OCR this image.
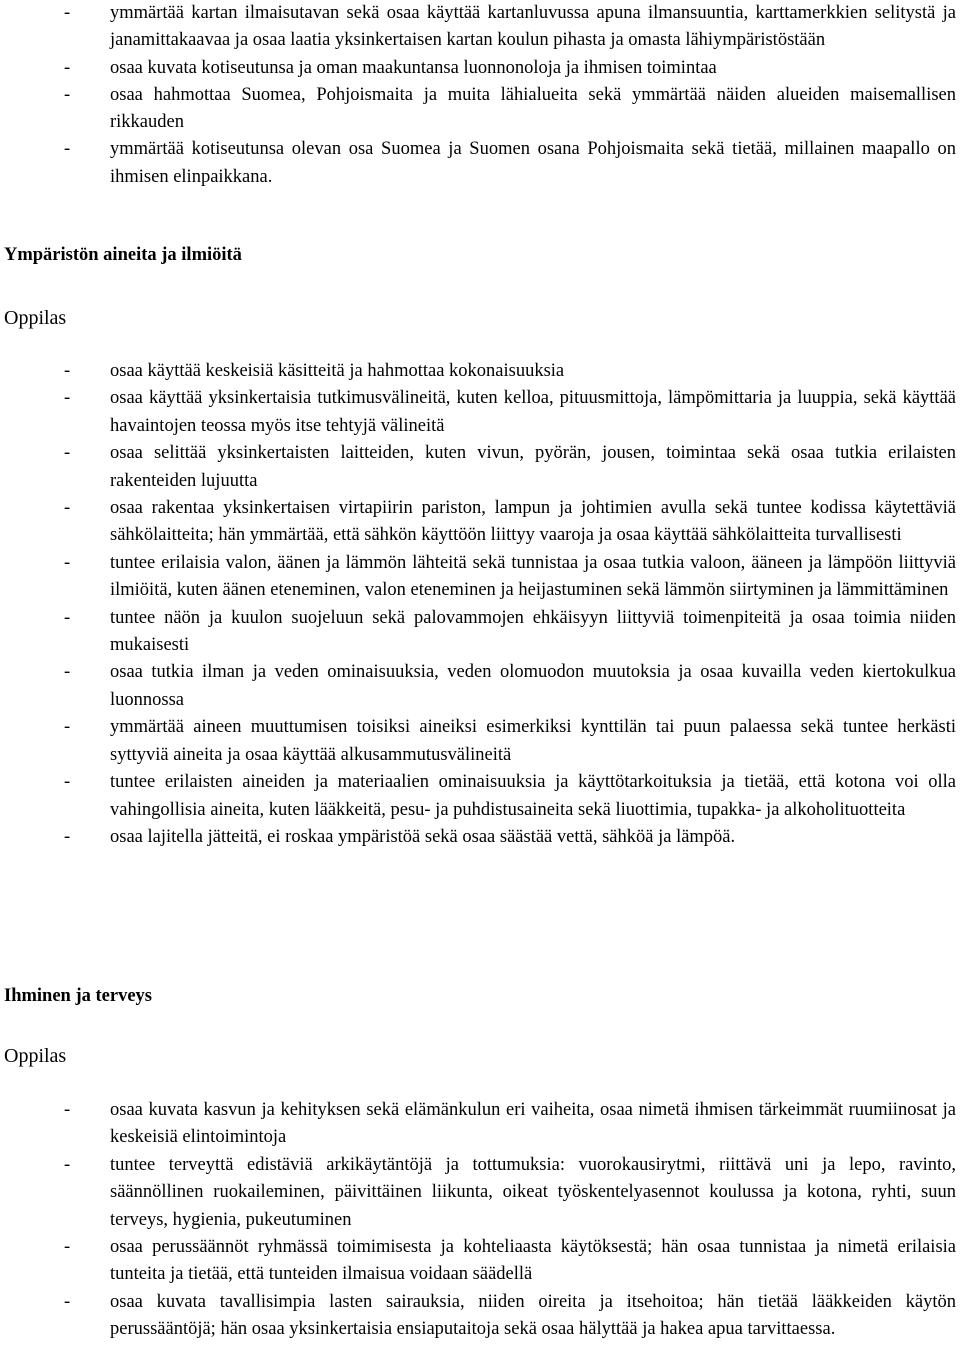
- ymmärtää kartan ilmaisutavan sekä osaa käyttää kartanluvussa apuna ilmansuuntia, karttamerkkien selitystä ja janamittakaavaa ja osaa laatia yksinkertaisen kartan koulun pihasta ja omasta lähiympäristöstään
- osaa kuvata kotiseutunsa ja oman maakuntansa luonnonoloja ja ihmisen toimintaa
- osaa hahmottaa Suomea, Pohjoismaita ja muita lähialueita sekä ymmärtää näiden alueiden maisemallisen rikkauden
- ymmärtää kotiseutunsa olevan osa Suomea ja Suomen osana Pohjoismaita sekä tietää, millainen maapallo on ihmisen elinpaikkana.
Ympäristön aineita ja ilmiöitä
Oppilas
- osaa käyttää keskeisiä käsitteitä ja hahmottaa kokonaisuuksia
- osaa käyttää yksinkertaisia tutkimusvälineitä, kuten kelloa, pituusmittoja, lämpömittaria ja luuppia, sekä käyttää havaintojen teossa myös itse tehtyjä välineitä
- osaa selittää yksinkertaisten laitteiden, kuten vivun, pyörän, jousen, toimintaa sekä osaa tutkia erilaisten rakenteiden lujuutta
- osaa rakentaa yksinkertaisen virtapiirin pariston, lampun ja johtimien avulla sekä tuntee kodissa käytettäviä sähkölaitteita; hän ymmärtää, että sähkön käyttöön liittyy vaaroja ja osaa käyttää sähkölaitteita turvallisesti
- tuntee erilaisia valon, äänen ja lämmön lähteitä sekä tunnistaa ja osaa tutkia valoon, ääneen ja lämpöön liittyviä ilmiöitä, kuten äänen eteneminen, valon eteneminen ja heijastuminen sekä lämmön siirtyminen ja lämmittäminen
- tuntee näön ja kuulon suojeluun sekä palovammojen ehkäisyyn liittyviä toimenpiteitä ja osaa toimia niiden mukaisesti
- osaa tutkia ilman ja veden ominaisuuksia, veden olomuodon muutoksia ja osaa kuvailla veden kiertokulkua luonnossa
- ymmärtää aineen muuttumisen toisiksi aineiksi esimerkiksi kynttilän tai puun palaessa sekä tuntee herkästi syttyviä aineita ja osaa käyttää alkusammutusvälineitä
- tuntee erilaisten aineiden ja materiaalien ominaisuuksia ja käyttötarkoituksia ja tietää, että kotona voi olla vahingollisia aineita, kuten lääkkeitä, pesu- ja puhdistusaineita sekä liuottimia, tupakka- ja alkoholituotteita
- osaa lajitella jätteitä, ei roskaa ympäristöä sekä osaa säästää vettä, sähköä ja lämpöä.
Ihminen ja terveys
Oppilas
- osaa kuvata kasvun ja kehityksen sekä elämänkulun eri vaiheita, osaa nimetä ihmisen tärkeimmät ruumiinosat ja keskeisiä elintoimintoja
- tuntee terveyttä edistäviä arkikäytäntöjä ja tottumuksia: vuorokausirytmi, riittävä uni ja lepo, ravinto, säännöllinen ruokaileminen, päivittäinen liikunta, oikeat työskentelyasennot koulussa ja kotona, ryhti, suun terveys, hygienia, pukeutuminen
- osaa perussäännöt ryhmässä toimimisesta ja kohteliaasta käytöksestä; hän osaa tunnistaa ja nimetä erilaisia tunteita ja tietää, että tunteiden ilmaisua voidaan säädellä
- osaa kuvata tavallisimpia lasten sairauksia, niiden oireita ja itsehoitoa; hän tietää lääkkeiden käytön perussääntöjä; hän osaa yksinkertaisia ensiaputaitoja sekä osaa hälyttää ja hakea apua tarvittaessa.
